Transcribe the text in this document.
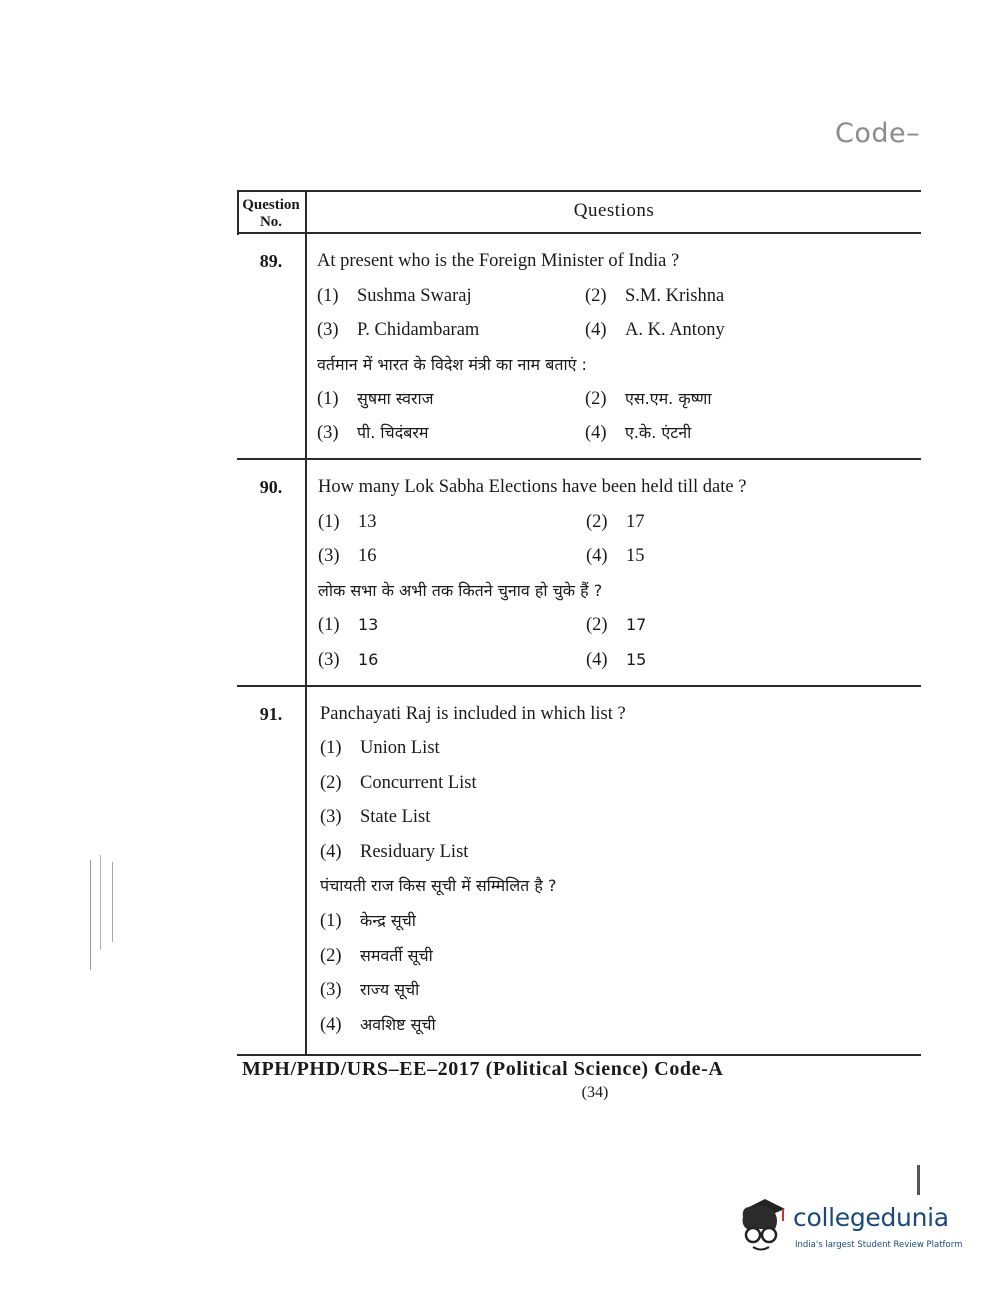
Code–
Question No.
Questions
89.	At present who is the Foreign Minister of India ?
(1) Sushma Swaraj	(2) S.M. Krishna
(3) P. Chidambaram	(4) A. K. Antony
वर्तमान में भारत के विदेश मंत्री का नाम बताएं :
(1) सुषमा स्वराज	(2) एस.एम. कृष्णा
(3) पी. चिदंबरम	(4) ए.के. एंटनी
90.	How many Lok Sabha Elections have been held till date ?
(1) 13	(2) 17
(3) 16	(4) 15
लोक सभा के अभी तक कितने चुनाव हो चुके हैं ?
(1) 13	(2) 17
(3) 16	(4) 15
91.	Panchayati Raj is included in which list ?
(1) Union List
(2) Concurrent List
(3) State List
(4) Residuary List
पंचायती राज किस सूची में सम्मिलित है ?
(1) केन्द्र सूची
(2) समवर्ती सूची
(3) राज्य सूची
(4) अवशिष्ट सूची
MPH/PHD/URS–EE–2017 (Political Science) Code-A
(34)
collegedunia
India's largest Student Review Platform
